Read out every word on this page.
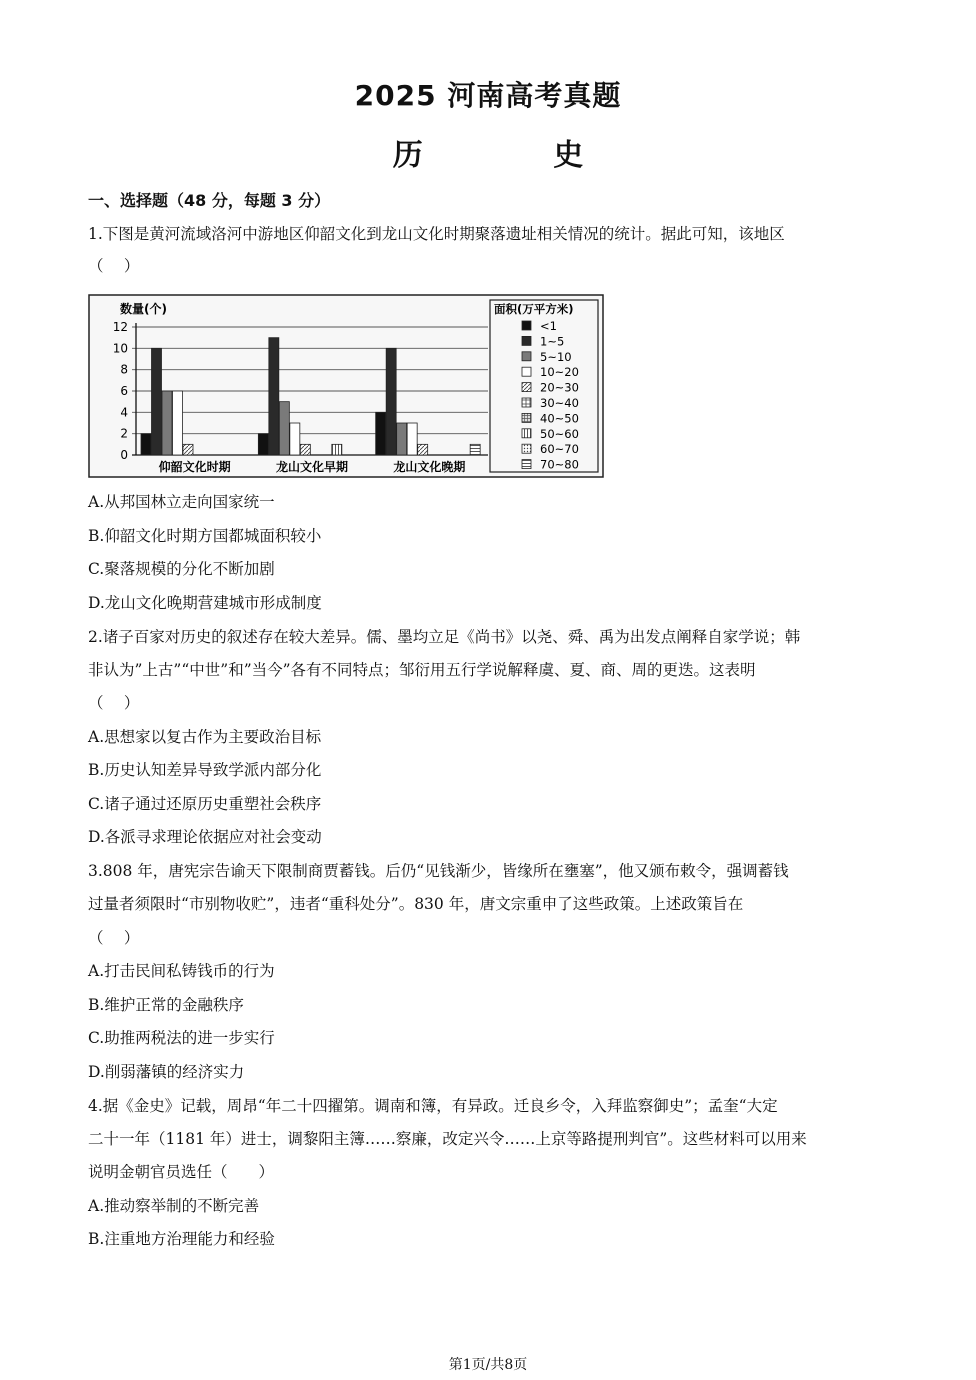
2025 河南高考真题
历 史
一、选择题（48 分，每题 3 分）
1.下图是黄河流域洛河中游地区仰韶文化到龙山文化时期聚落遗址相关情况的统计。据此可知，该地区
（　 ）
数量(个)
0
2
4
6
8
10
12
仰韶文化时期	龙山文化早期	龙山文化晚期
面积(万平方米)
<1
1~5
5~10
10~20
20~30
30~40
40~50
50~60
60~70
70~80
A.从邦国林立走向国家统一
B.仰韶文化时期方国都城面积较小
C.聚落规模的分化不断加剧
D.龙山文化晚期营建城市形成制度
2.诸子百家对历史的叙述存在较大差异。儒、墨均立足《尚书》以尧、舜、禹为出发点阐释自家学说；韩
非认为”上古”“中世”和”当今”各有不同特点；邹衍用五行学说解释虞、夏、商、周的更迭。这表明
（　 ）
A.思想家以复古作为主要政治目标
B.历史认知差异导致学派内部分化
C.诸子通过还原历史重塑社会秩序
D.各派寻求理论依据应对社会变动
3.808 年，唐宪宗告谕天下限制商贾蓄钱。后仍“见钱渐少，皆缘所在壅塞”，他又颁布敕令，强调蓄钱
过量者须限时“市别物收贮”，违者“重科处分”。830 年，唐文宗重申了这些政策。上述政策旨在
（　 ）
A.打击民间私铸钱币的行为
B.维护正常的金融秩序
C.助推两税法的进一步实行
D.削弱藩镇的经济实力
4.据《金史》记载，周昂“年二十四擢第。调南和簿，有异政。迁良乡令，入拜监察御史”；孟奎“大定
二十一年（1181 年）进士，调黎阳主簿……察廉，改定兴令……上京等路提刑判官”。这些材料可以用来
说明金朝官员选任（　　）
A.推动察举制的不断完善
B.注重地方治理能力和经验
第1页/共8页
